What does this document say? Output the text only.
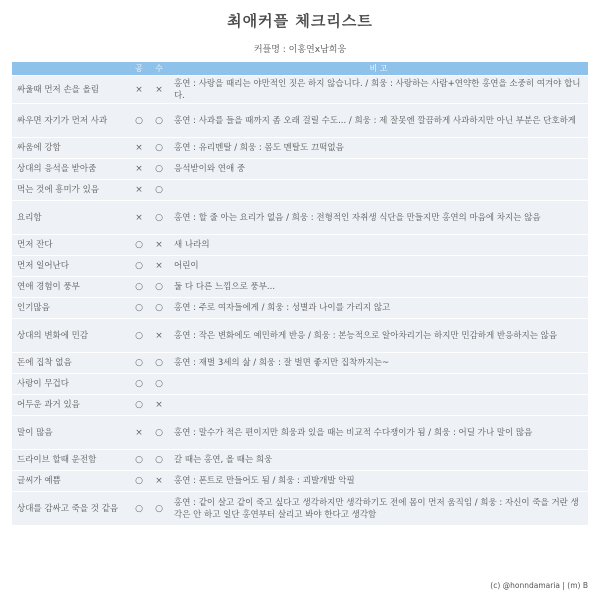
최애커플 체크리스트
커플명 : 이홍연x남희웅
	공	수	비 고
싸울때 먼저 손을 올림	×	×	홍연 : 사랑을 때리는 야만적인 짓은 하지 않습니다. / 희웅 : 사랑하는 사람+연약한 홍연을 소중히 여겨야 합니다.
싸우면 자기가 먼저 사과	○	○	홍연 : 사과를 들을 때까지 좀 오래 걸릴 수도... / 희웅 : 제 잘못엔 깔끔하게 사과하지만 아닌 부분은 단호하게
싸움에 강함	×	○	홍연 : 유리멘탈 / 희웅 : 몸도 멘탈도 끄떡없음
상대의 응석을 받아줌	×	○	응석받이와 연애 중
먹는 것에 흥미가 있음	×	○	
요리함	×	○	홍연 : 할 줄 아는 요리가 없음 / 희웅 : 전형적인 자취생 식단을 만들지만 홍연의 마음에 차지는 않음
먼저 잔다	○	×	새 나라의
먼저 일어난다	○	×	어린이
연애 경험이 풍부	○	○	둘 다 다른 느낌으로 풍부...
인기많음	○	○	홍연 : 주로 여자들에게 / 희웅 : 성별과 나이를 가리지 않고
상대의 변화에 민감	○	×	홍연 : 작은 변화에도 예민하게 반응 / 희웅 : 본능적으로 알아차리기는 하지만 민감하게 반응하지는 않음
돈에 집착 없음	○	○	홍연 : 재벌 3세의 삶 / 희웅 : 잘 벌면 좋지만 집착까지는~
사랑이 무겁다	○	○	
어두운 과거 있음	○	×	
말이 많음	×	○	홍연 : 말수가 적은 편이지만 희웅과 있을 때는 비교적 수다쟁이가 됨 / 희웅 : 어딜 가나 말이 많음
드라이브 할때 운전함	○	○	갈 때는 홍연, 올 때는 희웅
글씨가 예쁨	○	×	홍연 : 폰트로 만들어도 됨 / 희웅 : 괴발개발 악필
상대를 감싸고 죽을 것 같음	○	○	홍연 : 같이 살고 같이 죽고 싶다고 생각하지만 생각하기도 전에 몸이 먼저 움직임 / 희웅 : 자신이 죽을 거란 생각은 안 하고 일단 홍연부터 살리고 봐야 한다고 생각함
(c) @honndamaria | (m) B
